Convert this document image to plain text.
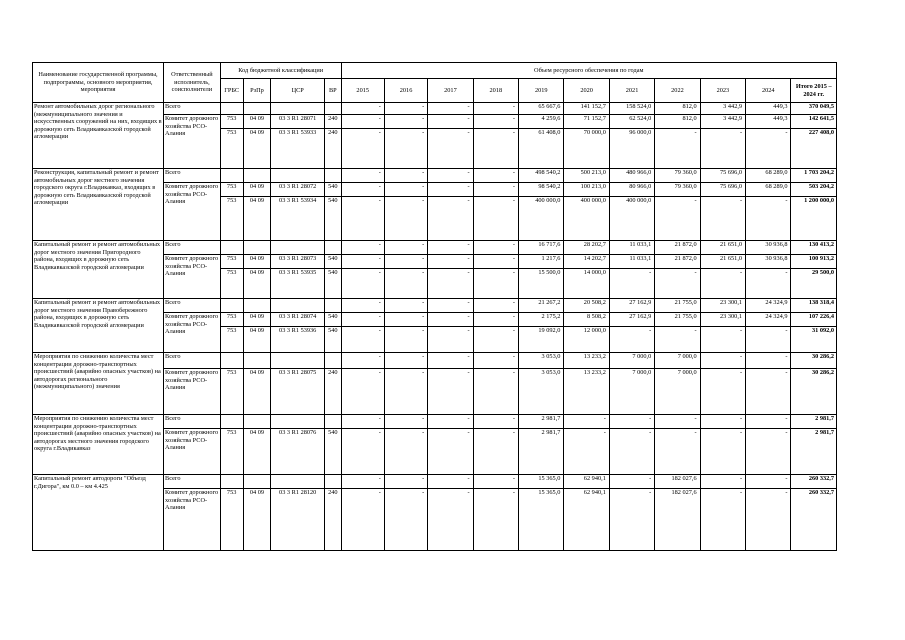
Наименование государственной программы, подпрограммы, основного мероприятия, мероприятия	Ответственный исполнитель, соисполнители	Код бюджетной классификации				Объем ресурсного обеспечения по годам										
		ГРБС	РзПр	ЦСР	ВР	2015	2016	2017	2018	2019	2020	2021	2022	2023	2024	Итого 2015 – 2024 гг.
Ремонт автомобильных дорог регионального (межмуниципального значения и искусственных сооружений на них, входящих в дорожную сеть Владикавказской городской агломерации	Всего					-	-	-	-	65 667,6	141 152,7	158 524,0	812,0	3 442,9	449,3	370 049,5
	Комитет дорожного хозяйства РСО-Алания	753	04 09	03 3 R1 28071	240	-	-	-	-	4 259,6	71 152,7	62 524,0	812,0	3 442,9	449,3	142 641,5
		753	04 09	03 3 R1 53933	240	-	-	-	-	61 408,0	70 000,0	96 000,0	-	-	-	227 408,0
Реконструкция, капитальный ремонт и ремонт автомобильных дорог местного значения городского округа г.Владикавказ, входящих в дорожную сеть Владикавказской городской агломерации	Всего					-	-	-	-	498 540,2	500 213,0	480 966,0	79 360,0	75 696,0	68 289,0	1 703 204,2
	Комитет дорожного хозяйства РСО-Алания	753	04 09	03 3 R1 28072	540	-	-	-	-	98 540,2	100 213,0	80 966,0	79 360,0	75 696,0	68 289,0	503 204,2
		753	04 09	03 3 R1 53934	540	-	-	-	-	400 000,0	400 000,0	400 000,0	-	-	-	1 200 000,0
Капитальный ремонт и ремонт автомобильных дорог местного значения Пригородного района, входящих в дорожную сеть Владикавказской городской агломерации	Всего					-	-	-	-	16 717,6	28 202,7	11 033,1	21 872,0	21 651,0	30 936,8	130 413,2
	Комитет дорожного хозяйства РСО-Алания	753	04 09	03 3 R1 28073	540	-	-	-	-	1 217,6	14 202,7	11 033,1	21 872,0	21 651,0	30 936,8	100 913,2
		753	04 09	03 3 R1 53935	540	-	-	-	-	15 500,0	14 000,0	-	-	-	-	29 500,0
Капитальный ремонт и ремонт автомобильных дорог местного значения Правобережного района, входящих в дорожную сеть Владикавказской городской агломерации	Всего					-	-	-	-	21 267,2	20 508,2	27 162,9	21 755,0	23 300,1	24 324,9	138 318,4
	Комитет дорожного хозяйства РСО-Алания	753	04 09	03 3 R1 28074	540	-	-	-	-	2 175,2	8 508,2	27 162,9	21 755,0	23 300,1	24 324,9	107 226,4
		753	04 09	03 3 R1 53936	540	-	-	-	-	19 092,0	12 000,0	-	-	-	-	31 092,0
Мероприятия по снижению количества мест концентрации дорожно-транспортных происшествий (аварийно опасных участков) на автодорогах регионального (межмуниципального) значения	Всего					-	-	-	-	3 053,0	13 233,2	7 000,0	7 000,0	-	-	30 286,2
	Комитет дорожного хозяйства РСО-Алания	753	04 09	03 3 R1 28075	240	-	-	-	-	3 053,0	13 233,2	7 000,0	7 000,0	-	-	30 286,2
Мероприятия по снижению количества мест концентрации дорожно-транспортных происшествий (аварийно опасных участков) на автодорогах местного значения городского округа г.Владикавказ	Всего					-	-	-	-	2 981,7	-	-	-	-	-	2 981,7
	Комитет дорожного хозяйства РСО-Алания	753	04 09	03 3 R1 28076	540	-	-	-	-	2 981,7	-	-	-	-	-	2 981,7
Капитальный ремонт автодороги "Объезд г.Дигора", км 0.0 – км 4.425	Всего					-	-	-	-	15 365,0	62 940,1	-	182 027,6	-	-	260 332,7
	Комитет дорожного хозяйства РСО-Алания	753	04 09	03 3 R1 28120	240	-	-	-	-	15 365,0	62 940,1	-	182 027,6	-	-	260 332,7
